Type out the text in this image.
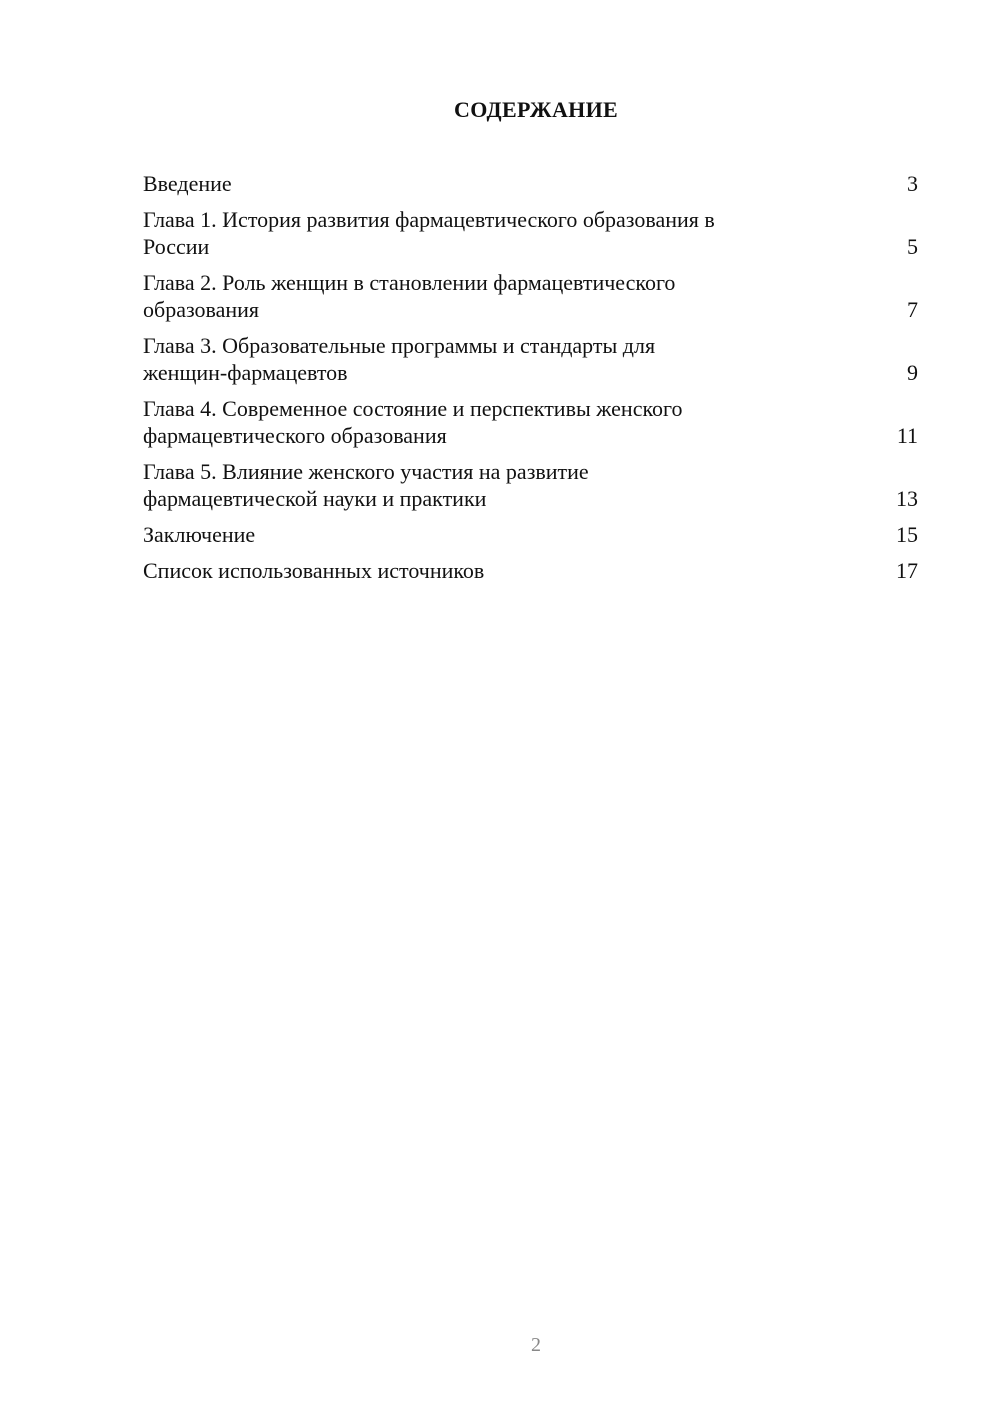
СОДЕРЖАНИЕ
Введение	3
Глава 1. История развития фармацевтического образования в
России	5
Глава 2. Роль женщин в становлении фармацевтического
образования	7
Глава 3. Образовательные программы и стандарты для
женщин-фармацевтов	9
Глава 4. Современное состояние и перспективы женского
фармацевтического образования	11
Глава 5. Влияние женского участия на развитие
фармацевтической науки и практики	13
Заключение	15
Список использованных источников	17
2
